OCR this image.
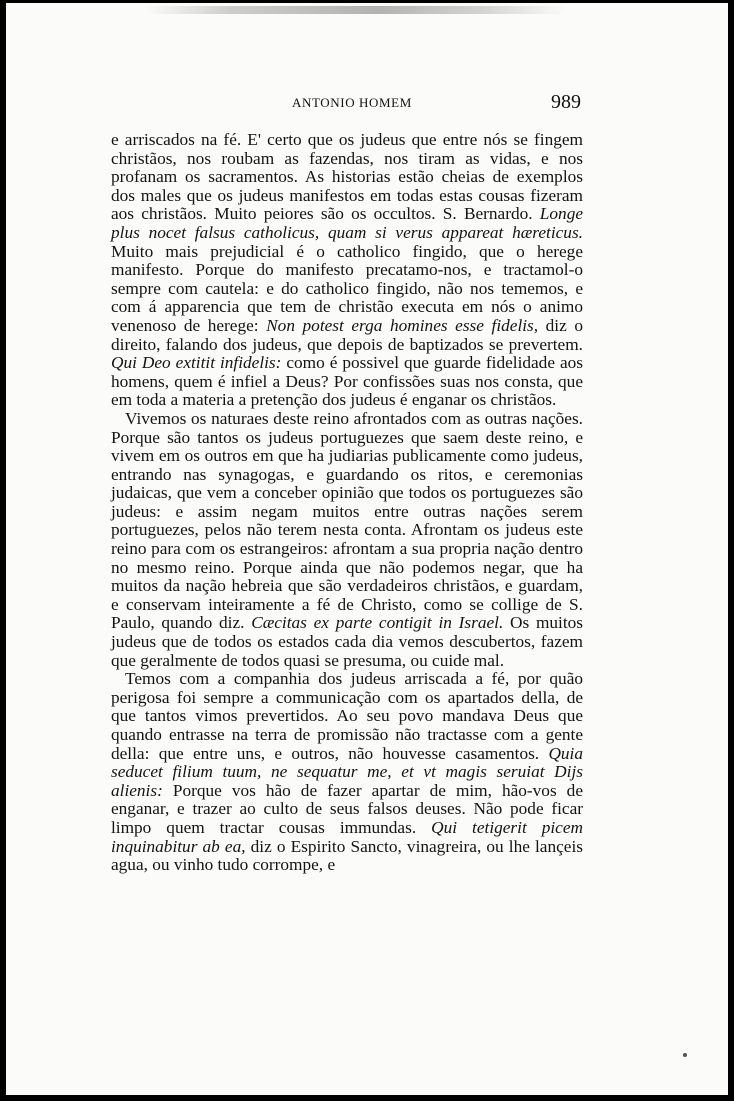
ANTONIO HOMEM	989

e arriscados na fé. E' certo que os judeus que entre nós se fingem christãos, nos roubam as fazendas, nos tiram as vidas, e nos profanam os sacramentos. As historias estão cheias de exemplos dos males que os judeus manifestos em todas estas cousas fizeram aos christãos. Muito peiores são os occultos. S. Bernardo. Longe plus nocet falsus catholicus, quam si verus appareat hæreticus. Muito mais prejudicial é o catholico fingido, que o herege manifesto. Porque do manifesto precatamo-nos, e tractamol-o sempre com cautela: e do catholico fingido, não nos tememos, e com á apparencia que tem de christão executa em nós o animo venenoso de herege: Non potest erga homines esse fidelis, diz o direito, falando dos judeus, que depois de baptizados se prevertem. Qui Deo extitit infidelis: como é possivel que guarde fidelidade aos homens, quem é infiel a Deus? Por confissões suas nos consta, que em toda a materia a pretenção dos judeus é enganar os christãos.

Vivemos os naturaes deste reino afrontados com as outras nações. Porque são tantos os judeus portuguezes que saem deste reino, e vivem em os outros em que ha judiarias publicamente como judeus, entrando nas synagogas, e guardando os ritos, e ceremonias judaicas, que vem a conceber opinião que todos os portuguezes são judeus: e assim negam muitos entre outras nações serem portuguezes, pelos não terem nesta conta. Afrontam os judeus este reino para com os estrangeiros: afrontam a sua propria nação dentro no mesmo reino. Porque ainda que não podemos negar, que ha muitos da nação hebreia que são verdadeiros christãos, e guardam, e conservam inteiramente a fé de Christo, como se collige de S. Paulo, quando diz. Cæcitas ex parte contigit in Israel. Os muitos judeus que de todos os estados cada dia vemos descubertos, fazem que geralmente de todos quasi se presuma, ou cuide mal.

Temos com a companhia dos judeus arriscada a fé, por quão perigosa foi sempre a communicação com os apartados della, de que tantos vimos prevertidos. Ao seu povo mandava Deus que quando entrasse na terra de promissão não tractasse com a gente della: que entre uns, e outros, não houvesse casamentos. Quia seducet filium tuum, ne sequatur me, et vt magis seruiat Dijs alienis: Porque vos hão de fazer apartar de mim, hão-vos de enganar, e trazer ao culto de seus falsos deuses. Não pode ficar limpo quem tractar cousas immundas. Qui tetigerit picem inquinabitur ab ea, diz o Espirito Sancto, vinagreira, ou lhe lançeis agua, ou vinho tudo corrompe, e
